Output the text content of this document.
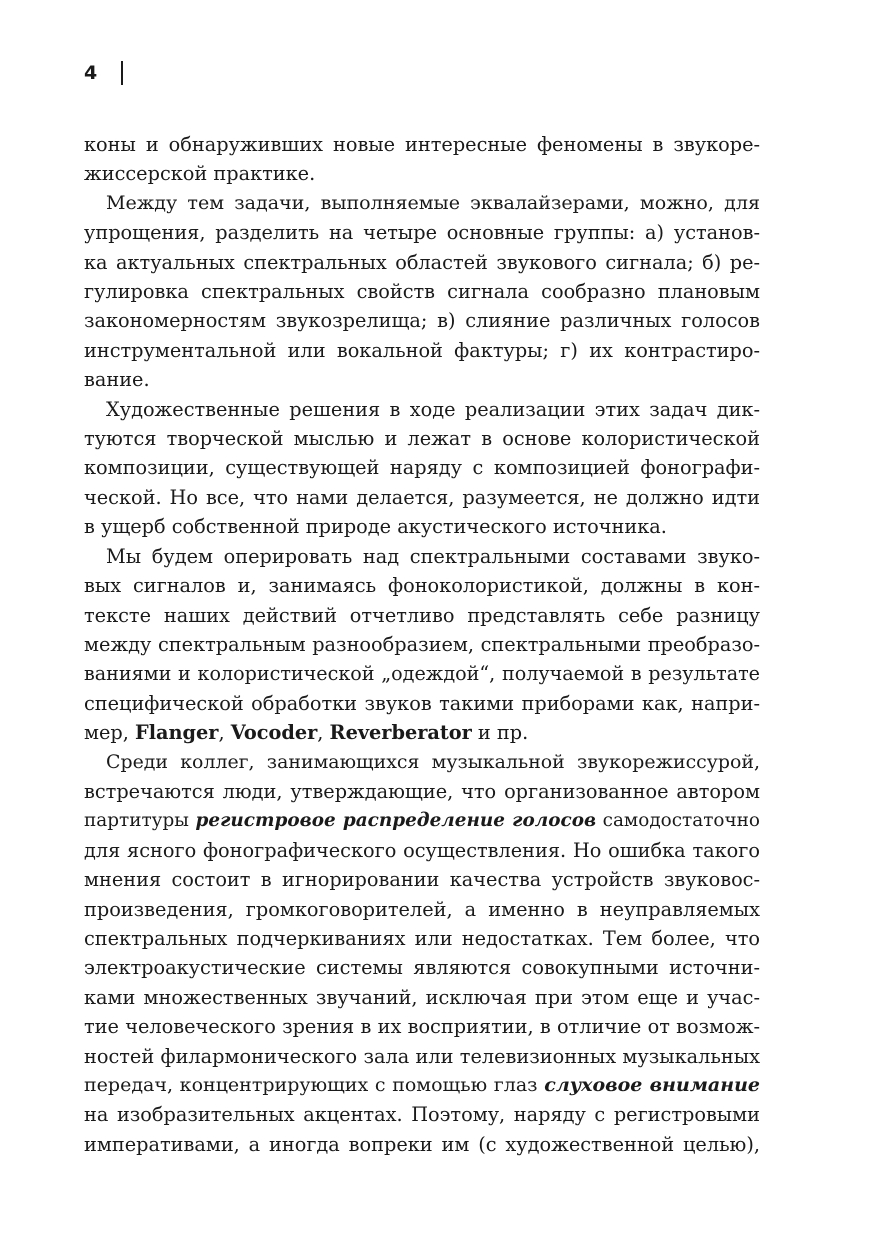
4
коны и обнаруживших новые интересные феномены в звукоре-
жиссерской практике.
Между тем задачи, выполняемые эквалайзерами, можно, для
упрощения, разделить на четыре основные группы: а) установ-
ка актуальных спектральных областей звукового сигнала; б) ре-
гулировка спектральных свойств сигнала сообразно плановым
закономерностям звукозрелища; в) слияние различных голосов
инструментальной или вокальной фактуры; г) их контрастиро-
вание.
Художественные решения в ходе реализации этих задач дик-
туются творческой мыслью и лежат в основе колористической
композиции, существующей наряду с композицией фонографи-
ческой. Но все, что нами делается, разумеется, не должно идти
в ущерб собственной природе акустического источника.
Мы будем оперировать над спектральными составами звуко-
вых сигналов и, занимаясь фоноколористикой, должны в кон-
тексте наших действий отчетливо представлять себе разницу
между спектральным разнообразием, спектральными преобразо-
ваниями и колористической „одеждой“, получаемой в результате
специфической обработки звуков такими приборами как, напри-
мер, Flanger, Vocoder, Reverberator и пр.
Среди коллег, занимающихся музыкальной звукорежиссурой,
встречаются люди, утверждающие, что организованное автором
партитуры регистровое распределение голосов самодостаточно
для ясного фонографического осуществления. Но ошибка такого
мнения состоит в игнорировании качества устройств звуковос-
произведения, громкоговорителей, а именно в неуправляемых
спектральных подчеркиваниях или недостатках. Тем более, что
электроакустические системы являются совокупными источни-
ками множественных звучаний, исключая при этом еще и учас-
тие человеческого зрения в их восприятии, в отличие от возмож-
ностей филармонического зала или телевизионных музыкальных
передач, концентрирующих с помощью глаз слуховое внимание
на изобразительных акцентах. Поэтому, наряду с регистровыми
императивами, а иногда вопреки им (с художественной целью),
